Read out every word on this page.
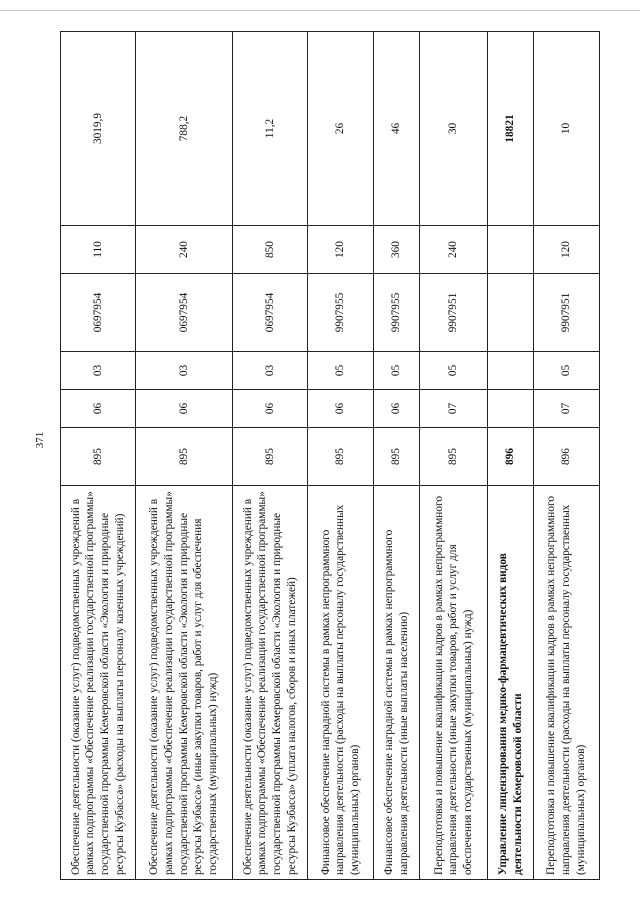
371
Обеспечение деятельности (оказание услуг) подведомственных учреждений в рамках подпрограммы «Обеспечение реализации государственной программы» государственной программы Кемеровской области «Экология и природные ресурсы Кузбасса» (расходы на выплаты персоналу казенных учреждений)	895	06	03	0697954	110	3019,9
Обеспечение деятельности (оказание услуг) подведомственных учреждений в рамках подпрограммы «Обеспечение реализации государственной программы» государственной программы Кемеровской области «Экология и природные ресурсы Кузбасса» (иные закупки товаров, работ и услуг для обеспечения государственных (муниципальных) нужд)	895	06	03	0697954	240	788,2
Обеспечение деятельности (оказание услуг) подведомственных учреждений в рамках подпрограммы «Обеспечение реализации государственной программы» государственной программы Кемеровской области «Экология и природные ресурсы Кузбасса» (уплата налогов, сборов и иных платежей)	895	06	03	0697954	850	11,2
Финансовое обеспечение наградной системы в рамках непрограммного направления деятельности (расходы на выплаты персоналу государственных (муниципальных) органов)	895	06	05	9907955	120	26
Финансовое обеспечение наградной системы в рамках непрограммного направления деятельности (иные выплаты населению)	895	06	05	9907955	360	46
Переподготовка и повышение квалификации кадров в рамках непрограммного направления деятельности (иные закупки товаров, работ и услуг для обеспечения государственных (муниципальных) нужд)	895	07	05	9907951	240	30
Управление лицензирования медико-фармацевтических видов деятельности Кемеровской области	896					18821
Переподготовка и повышение квалификации кадров в рамках непрограммного направления деятельности (расходы на выплаты персоналу государственных (муниципальных) органов)	896	07	05	9907951	120	10
